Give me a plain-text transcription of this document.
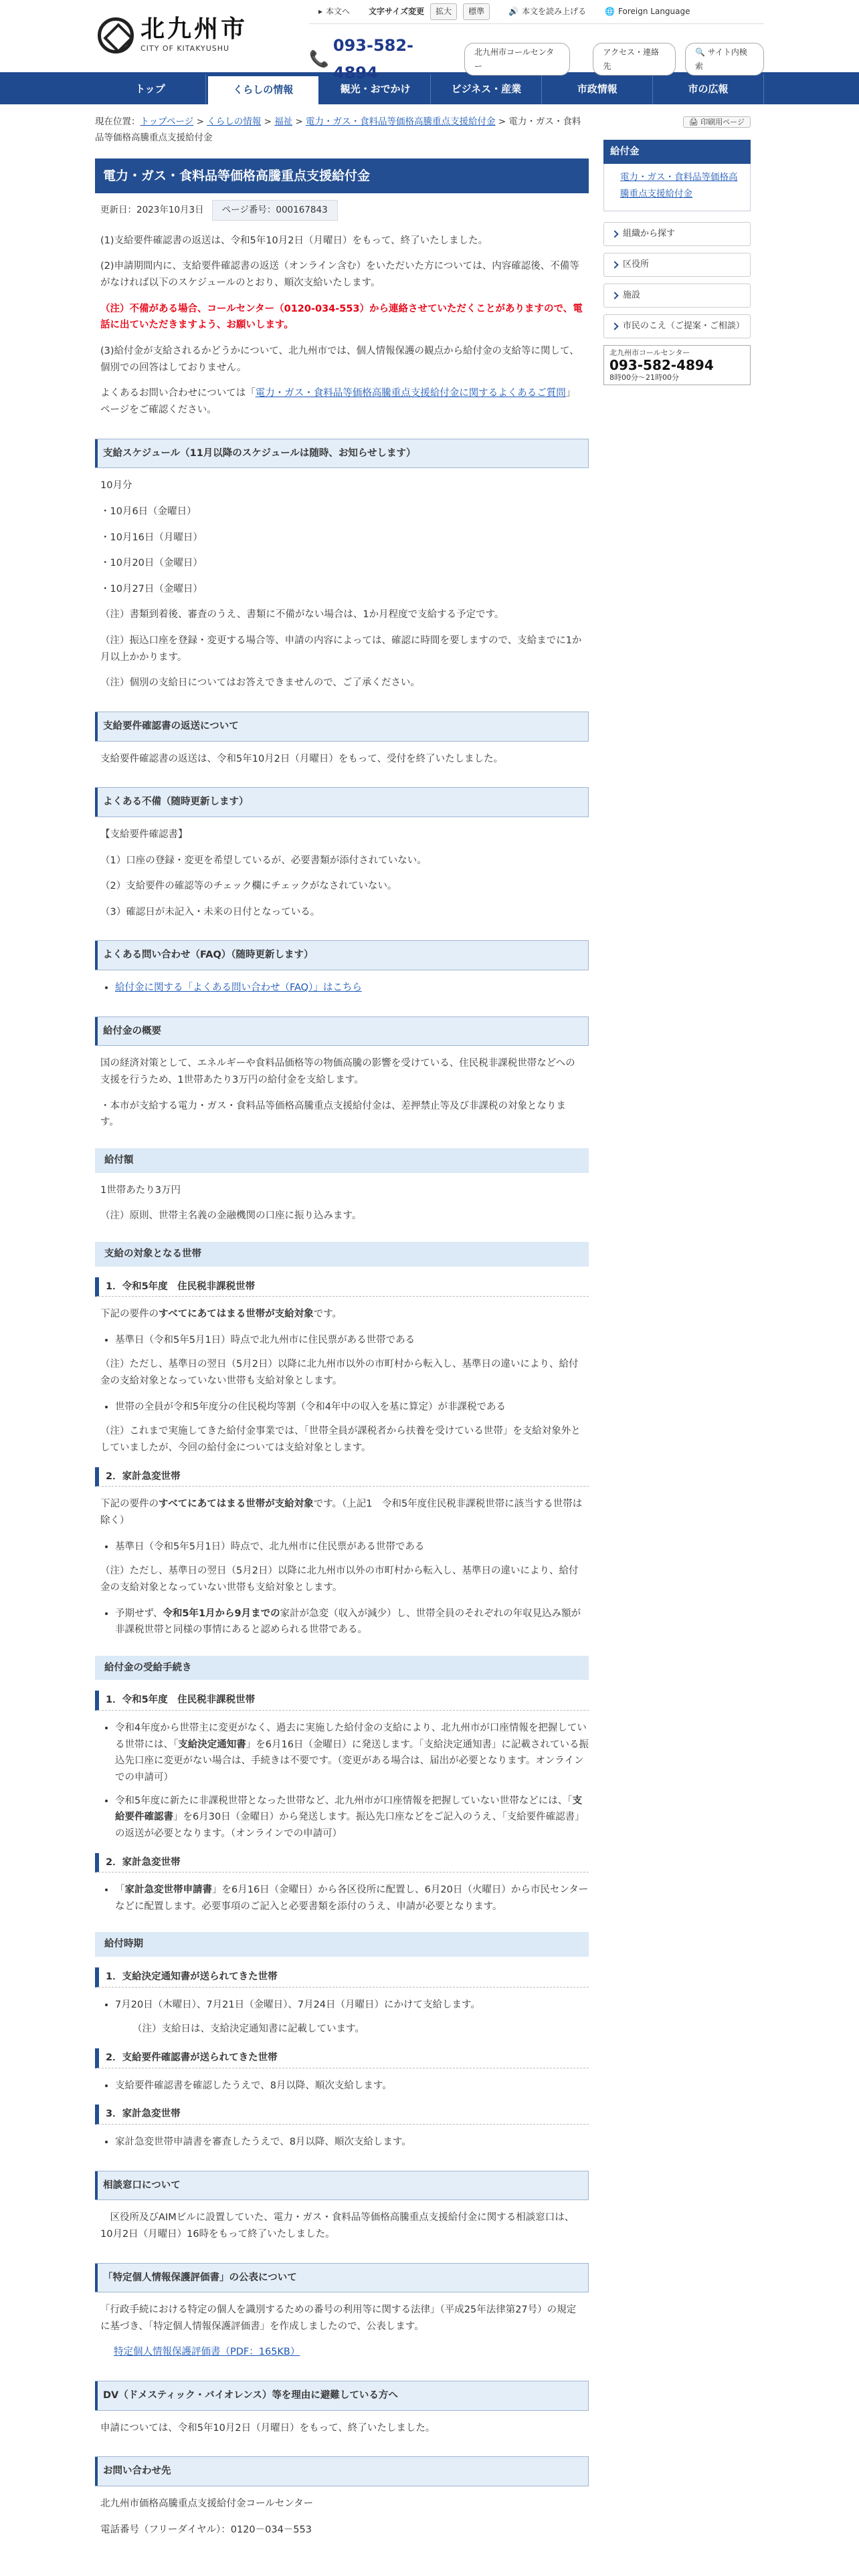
北九州市
CITY OF KITAKYUSHU
▸ 本文へ 文字サイズ変更	拡大	標準	🔊 本文を読み上げる	🌐 Foreign Language
📞
093-582-4894
北九州市コールセンター
アクセス・連絡先
🔍 サイト内検索
トップ	くらしの情報	観光・おでかけ	ビジネス・産業	市政情報	市の広報
現在位置：トップページ > くらしの情報 > 福祉 > 電力・ガス・食料品等価格高騰重点支援給付金 > 電力・ガス・食料品等価格高騰重点支援給付金
電力・ガス・食料品等価格高騰重点支援給付金
更新日：2023年10月3日	ページ番号：000167843

(1)支給要件確認書の返送は、令和5年10月2日（月曜日）をもって、終了いたしました。

(2)申請期間内に、支給要件確認書の返送（オンライン含む）をいただいた方については、内容確認後、不備等がなければ以下のスケジュールのとおり、順次支給いたします。

（注）不備がある場合、コールセンター（0120-034-553）から連絡させていただくことがありますので、電話に出ていただきますよう、お願いします。

(3)給付金が支給されるかどうかについて、北九州市では、個人情報保護の観点から給付金の支給等に関して、個別での回答はしておりません。

よくあるお問い合わせについては「電力・ガス・食料品等価格高騰重点支援給付金に関するよくあるご質問」ページをご確認ください。

支給スケジュール（11月以降のスケジュールは随時、お知らせします）

10月分

・10月6日（金曜日）

・10月16日（月曜日）

・10月20日（金曜日）

・10月27日（金曜日）

（注）書類到着後、審査のうえ、書類に不備がない場合は、1か月程度で支給する予定です。

（注）振込口座を登録・変更する場合等、申請の内容によっては、確認に時間を要しますので、支給までに1か月以上かかります。

（注）個別の支給日についてはお答えできませんので、ご了承ください。

支給要件確認書の返送について

支給要件確認書の返送は、令和5年10月2日（月曜日）をもって、受付を終了いたしました。

よくある不備（随時更新します）

【支給要件確認書】

（1）口座の登録・変更を希望しているが、必要書類が添付されていない。

（2）支給要件の確認等のチェック欄にチェックがなされていない。

（3）確認日が未記入・未来の日付となっている。

よくある問い合わせ（FAQ）（随時更新します）
• 給付金に関する「よくある問い合わせ（FAQ）」はこちら
給付金の概要

国の経済対策として、エネルギーや食料品価格等の物価高騰の影響を受けている、住民税非課税世帯などへの支援を行うため、1世帯あたり3万円の給付金を支給します。

・本市が支給する電力・ガス・食料品等価格高騰重点支援給付金は、差押禁止等及び非課税の対象となります。

給付額

1世帯あたり3万円

（注）原則、世帯主名義の金融機関の口座に振り込みます。

支給の対象となる世帯
1．令和5年度　住民税非課税世帯

下記の要件のすべてにあてはまる世帯が支給対象です。

• 基準日（令和5年5月1日）時点で北九州市に住民票がある世帯である

（注）ただし、基準日の翌日（5月2日）以降に北九州市以外の市町村から転入し、基準日の違いにより、給付金の支給対象となっていない世帯も支給対象とします。

• 世帯の全員が令和5年度分の住民税均等割（令和4年中の収入を基に算定）が非課税である

（注）これまで実施してきた給付金事業では、「世帯全員が課税者から扶養を受けている世帯」を支給対象外としていましたが、今回の給付金については支給対象とします。

2．家計急変世帯

下記の要件のすべてにあてはまる世帯が支給対象です。（上記1　令和5年度住民税非課税世帯に該当する世帯は除く）

• 基準日（令和5年5月1日）時点で、北九州市に住民票がある世帯である

（注）ただし、基準日の翌日（5月2日）以降に北九州市以外の市町村から転入し、基準日の違いにより、給付金の支給対象となっていない世帯も支給対象とします。

• 予期せず、令和5年1月から9月までの家計が急変（収入が減少）し、世帯全員のそれぞれの年収見込み額が非課税世帯と同様の事情にあると認められる世帯である。
給付金の受給手続き
1．令和5年度　住民税非課税世帯
• 令和4年度から世帯主に変更がなく、過去に実施した給付金の支給により、北九州市が口座情報を把握している世帯には、「支給決定通知書」を6月16日（金曜日）に発送します。「支給決定通知書」に記載されている振込先口座に変更がない場合は、手続きは不要です。（変更がある場合は、届出が必要となります。オンラインでの申請可）
• 令和5年度に新たに非課税世帯となった世帯など、北九州市が口座情報を把握していない世帯などには、「支給要件確認書」を6月30日（金曜日）から発送します。振込先口座などをご記入のうえ、「支給要件確認書」の返送が必要となります。（オンラインでの申請可）
2．家計急変世帯
• 「家計急変世帯申請書」を6月16日（金曜日）から各区役所に配置し、6月20日（火曜日）から市民センターなどに配置します。必要事項のご記入と必要書類を添付のうえ、申請が必要となります。
給付時期
1．支給決定通知書が送られてきた世帯
• 7月20日（木曜日）、7月21日（金曜日）、7月24日（月曜日）にかけて支給します。

（注）支給日は、支給決定通知書に記載しています。

2．支給要件確認書が送られてきた世帯
• 支給要件確認書を確認したうえで、8月以降、順次支給します。
3．家計急変世帯
• 家計急変世帯申請書を審査したうえで、8月以降、順次支給します。
相談窓口について

　区役所及びAIMビルに設置していた、電力・ガス・食料品等価格高騰重点支援給付金に関する相談窓口は、10月2日（月曜日）16時をもって終了いたしました。

「特定個人情報保護評価書」の公表について

「行政手続における特定の個人を識別するための番号の利用等に関する法律」（平成25年法律第27号）の規定に基づき、「特定個人情報保護評価書」を作成しましたので、公表します。

特定個人情報保護評価書（PDF：165KB）

DV（ドメスティック・バイオレンス）等を理由に避難している方へ

申請については、令和5年10月2日（月曜日）をもって、終了いたしました。

お問い合わせ先

北九州市価格高騰重点支援給付金コールセンター

電話番号（フリーダイヤル）：0120－034－553

🖨 印刷用ページ
給付金
電力・ガス・食料品等価格高騰重点支援給付金
組織から探す
区役所
施設
市民のこえ（ご提案・ご相談）
北九州市コールセンター
093-582-4894
8時00分～21時00分
